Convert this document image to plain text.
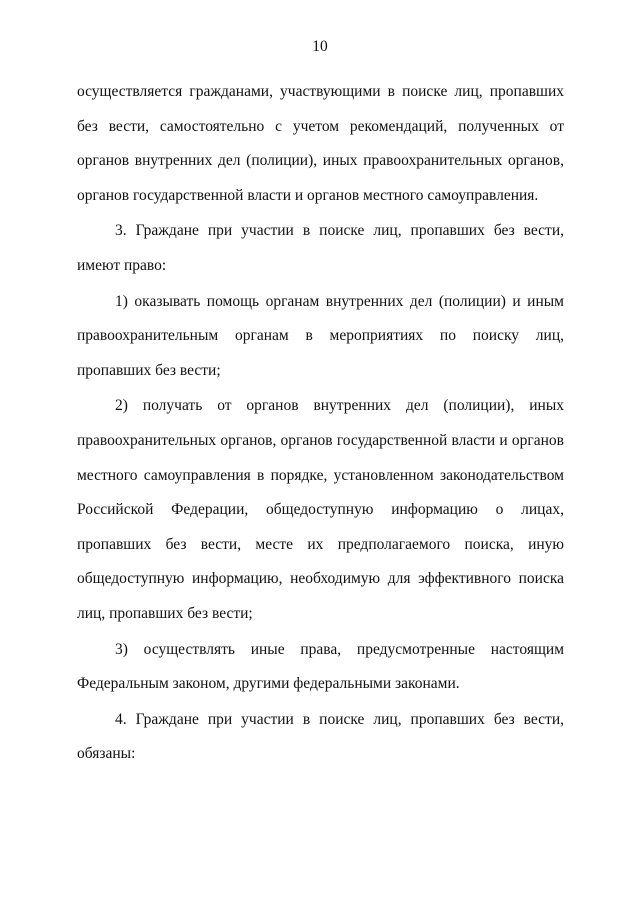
10

осуществляется гражданами, участвующими в поиске лиц, пропавших без вести, самостоятельно с учетом рекомендаций, полученных от органов внутренних дел (полиции), иных правоохранительных органов, органов государственной власти и органов местного самоуправления.

3. Граждане при участии в поиске лиц, пропавших без вести, имеют право:

1) оказывать помощь органам внутренних дел (полиции) и иным правоохранительным органам в мероприятиях по поиску лиц, пропавших без вести;

2) получать от органов внутренних дел (полиции), иных правоохранительных органов, органов государственной власти и органов местного самоуправления в порядке, установленном законодательством Российской Федерации, общедоступную информацию о лицах, пропавших без вести, месте их предполагаемого поиска, иную общедоступную информацию, необходимую для эффективного поиска лиц, пропавших без вести;

3) осуществлять иные права, предусмотренные настоящим Федеральным законом, другими федеральными законами.

4. Граждане при участии в поиске лиц, пропавших без вести, обязаны:
